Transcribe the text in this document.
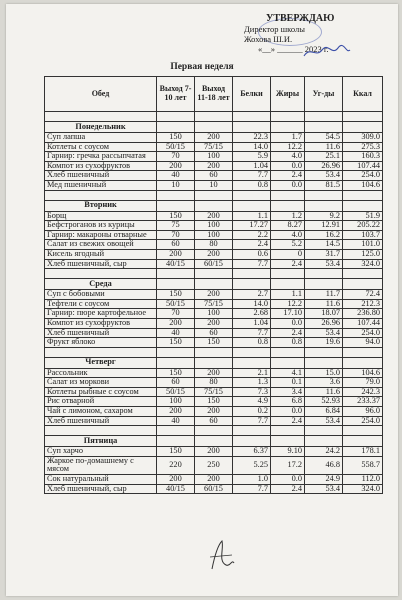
УТВЕРЖДАЮ
Директор школы
Жохова Ш.И.
«__» ______ 2023 г.
Первая неделя
Обед	Выход 7-10 лет	Выход 11-18 лет	Белки	Жиры	Уг-ды	Ккал

Понедельник						
Суп лапша	150	200	22.3	1.7	54.5	309.0
Котлеты с соусом	50/15	75/15	14.0	12.2	11.6	275.3
Гарнир: гречка рассыпчатая	70	100	5.9	4.0	25.1	160.3
Компот из сухофруктов	200	200	1.04	0.0	26.96	107.44
Хлеб пшеничный	40	60	7.7	2.4	53.4	254.0
Мед пшеничный	10	10	0.8	0.0	81.5	104.6

Вторник						
Борщ	150	200	1.1	1.2	9.2	51.9
Бефстроганов из курицы	75	100	17.27	8.27	12.91	205.22
Гарнир: макароны отварные	70	100	2.2	4.0	16.2	103.7
Салат из свежих овощей	60	80	2.4	5.2	14.5	101.0
Кисель ягодный	200	200	0.6	0	31.7	125.0
Хлеб пшеничный, сыр	40/15	60/15	7.7	2.4	53.4	324.0

Среда						
Суп с бобовыми	150	200	2.7	1.1	11.7	72.4
Тефтели с соусом	50/15	75/15	14.0	12.2	11.6	212.3
Гарнир: пюре картофельное	70	100	2.68	17.10	18.07	236.80
Компот из сухофруктов	200	200	1.04	0.0	26.96	107.44
Хлеб пшеничный	40	60	7.7	2.4	53.4	254.0
Фрукт яблоко	150	150	0.8	0.8	19.6	94.0

Четверг						
Рассольник	150	200	2.1	4.1	15.0	104.6
Салат из моркови	60	80	1.3	0.1	3.6	79.0
Котлеты рыбные с соусом	50/15	75/15	7.3	3.4	11.6	242.3
Рис отварной	100	150	4.9	6.8	52.93	233.37
Чай с лимоном, сахаром	200	200	0.2	0.0	6.84	96.0
Хлеб пшеничный	40	60	7.7	2.4	53.4	254.0

Пятница						
Суп харчо	150	200	6.37	9.10	24.2	178.1
Жаркое по-домашнему с мясом	220	250	5.25	17.2	46.8	558.7
Сок натуральный	200	200	1.0	0.0	24.9	112.0
Хлеб пшеничный, сыр	40/15	60/15	7.7	2.4	53.4	324.0
